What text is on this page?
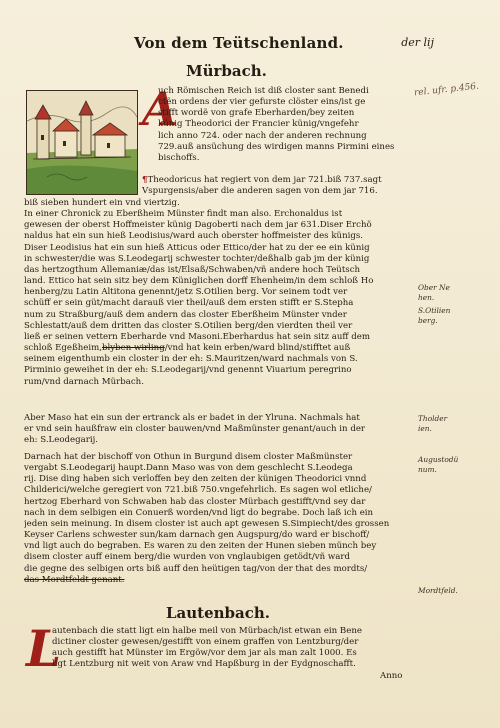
Von dem Teütschenland.	der lij
rel. ufr. p.456.
Mürbach.
A

uch Römischen Reich ist diß closter sant Benedi

ctẽn ordens der vier gefurste clöster eins/ist ge

stifft wordẽ von grafe Eberharden/bey zeiten

künig Theodorici der Francier künig/vngefehr

lich anno 724. oder nach der anderen rechnung

729.auß ansüchung des wirdigen manns Pirmini eines

bischoffs.

¶Theodoricus hat regiert von dem jar 721.biß 737.sagt

Vspurgensis/aber die anderen sagen von dem jar 716.

biß sieben hundert ein vnd viertzig.

In einer Chronick zu Eberßheim Münster findt man also. Erchonaldus ist

gewesen der oberst Hoffmeister künig Dagoberti nach dem jar 631.Diser Erchö

naldus hat ein sun hieß Leodisius/ward auch oberster hoffmeister des künigs.

Diser Leodisius hat ein sun hieß Atticus oder Ettico/der hat zu der ee ein künig

in schwester/die was S.Leodegarij schwester tochter/deßhalb gab jm der künig

das hertzogthum Allemaniæ/das ist/Elsaß/Schwaben/vñ andere hoch Teütsch

land. Ettico hat sein sitz bey dem Küniglichen dorff Ehenheim/in dem schloß Ho

henberg/zu Latin Altitona genennt/jetz S.Otilien berg. Vor seinem todt ver

schüff er sein güt/macht darauß vier theil/auß dem ersten stifft er S.Stepha

num zu Straßburg/auß dem andern das closter Eberßheim Münster vnder

Schlestatt/auß dem dritten das closter S.Otilien berg/den vierdten theil ver

ließ er seinen vettern Eberharde vnd Masoni.Eberhardus hat sein sitz auff dem

schloß Egeßheim,blyben wirling/vnd hat kein erben/ward blind/stifftet auß

seinem eigenthumb ein closter in der eh: S.Mauritzen/ward nachmals von S.

Pirminio geweihet in der eh: S.Leodegarij/vnd genennt Viuarium peregrino

rum/vnd darnach Mürbach.

Aber Maso hat ein sun der ertranck als er badet in der Ylruna. Nachmals hat

er vnd sein haußfraw ein closter bauwen/vnd Maßmünster genant/auch in der

eh: S.Leodegarij.

Darnach hat der bischoff von Othun in Burgund disem closter Maßmünster

vergabt S.Leodegarij haupt.Dann Maso was von dem geschlecht S.Leodega

rij. Dise ding haben sich verloffen bey den zeiten der künigen Theodorici vnnd

Childerici/welche geregiert von 721.biß 750.vngefehrlich. Es sagen wol etliche/

hertzog Eberhard von Schwaben hab das closter Mürbach gestifft/vnd sey dar

nach in dem selbigen ein Conuerß worden/vnd ligt do begrabe. Doch laß ich ein

jeden sein meinung. In disem closter ist auch apt gewesen S.Simpiecht/des grossen

Keyser Carlens schwester sun/kam darnach gen Augspurg/do ward er bischoff/

vnd ligt auch do begraben. Es waren zu den zeiten der Hunen sieben münch bey

disem closter auff einem berg/die wurden von vnglaubigen getödt/vñ ward

die gegne des selbigen orts biß auff den heütigen tag/von der that des mordts/

das Mordtfeldt genant.

Ober Ne
hen.
S.Otilien
berg.
Tholder
ien.
Augustodü
num.
Mordtfeld.
Lautenbach.
L

autenbach die statt ligt ein halbe meil von Mürbach/ist etwan ein Bene

dictiner closter gewesen/gestifft von einem graffen von Lentzburg/der

auch gestifft hat Münster im Ergöw/vor dem jar als man zalt 1000. Es

ligt Lentzburg nit weit von Araw vnd Hapßburg in der Eydgnoschafft.

Anno
